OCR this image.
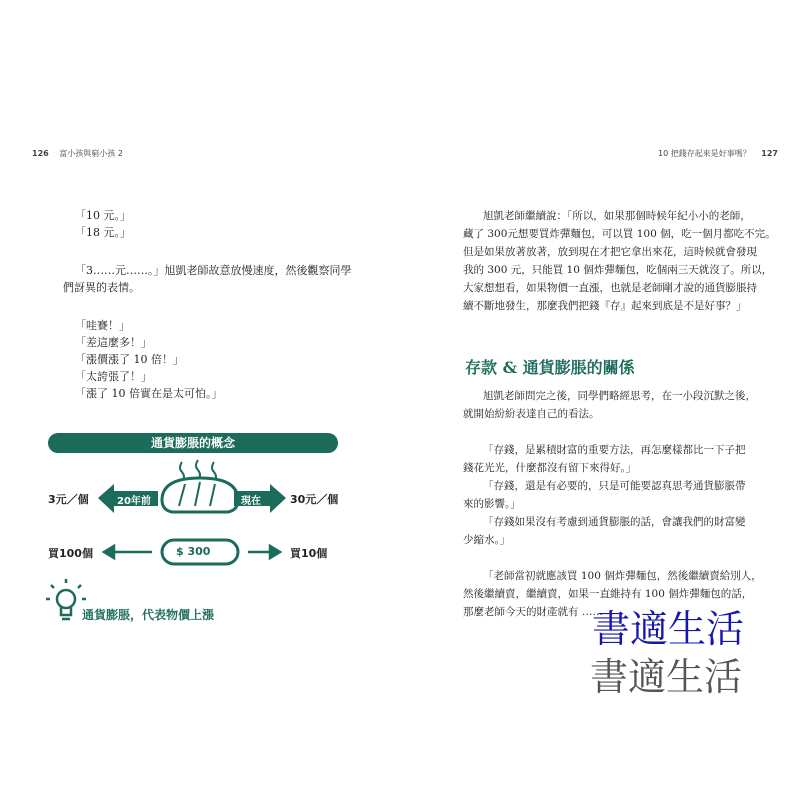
126 富小孩與窮小孩 2

「10 元。」

「18 元。」

「3……元……。」旭凱老師故意放慢速度，然後觀察同學

們訝異的表情。

「哇賽！」

「差這麼多！」

「漲價漲了 10 倍！」

「太誇張了！」

「漲了 10 倍實在是太可怕。」

通貨膨脹的概念
3元／個	20年前	現在	30元／個
買100個	$ 300	買10個
通貨膨脹，代表物價上漲
10 把錢存起來是好事嗎？ 127

旭凱老師繼續說：「所以，如果那個時候年紀小小的老師，

藏了 300元想要買炸彈麵包，可以買 100 個，吃一個月都吃不完。

但是如果放著放著，放到現在才把它拿出來花，這時候就會發現

我的 300 元，只能買 10 個炸彈麵包，吃個兩三天就沒了。所以，

大家想想看，如果物價一直漲，也就是老師剛才說的通貨膨脹持

續不斷地發生，那麼我們把錢『存』起來到底是不是好事？」

存款 & 通貨膨脹的關係

旭凱老師問完之後，同學們略經思考，在一小段沉默之後，

就開始紛紛表達自己的看法。

「存錢，是累積財富的重要方法，再怎麼樣都比一下子把

錢花光光，什麼都沒有留下來得好。」

「存錢，還是有必要的，只是可能要認真思考通貨膨脹帶

來的影響。」

「存錢如果沒有考慮到通貨膨脹的話，會讓我們的財富變

少縮水。」

「老師當初就應該買 100 個炸彈麵包，然後繼續賣給別人，

然後繼續賣，繼續賣，如果一直維持有 100 個炸彈麵包的話，

那麼老師今天的財產就有 ……

書適生活
書適生活
